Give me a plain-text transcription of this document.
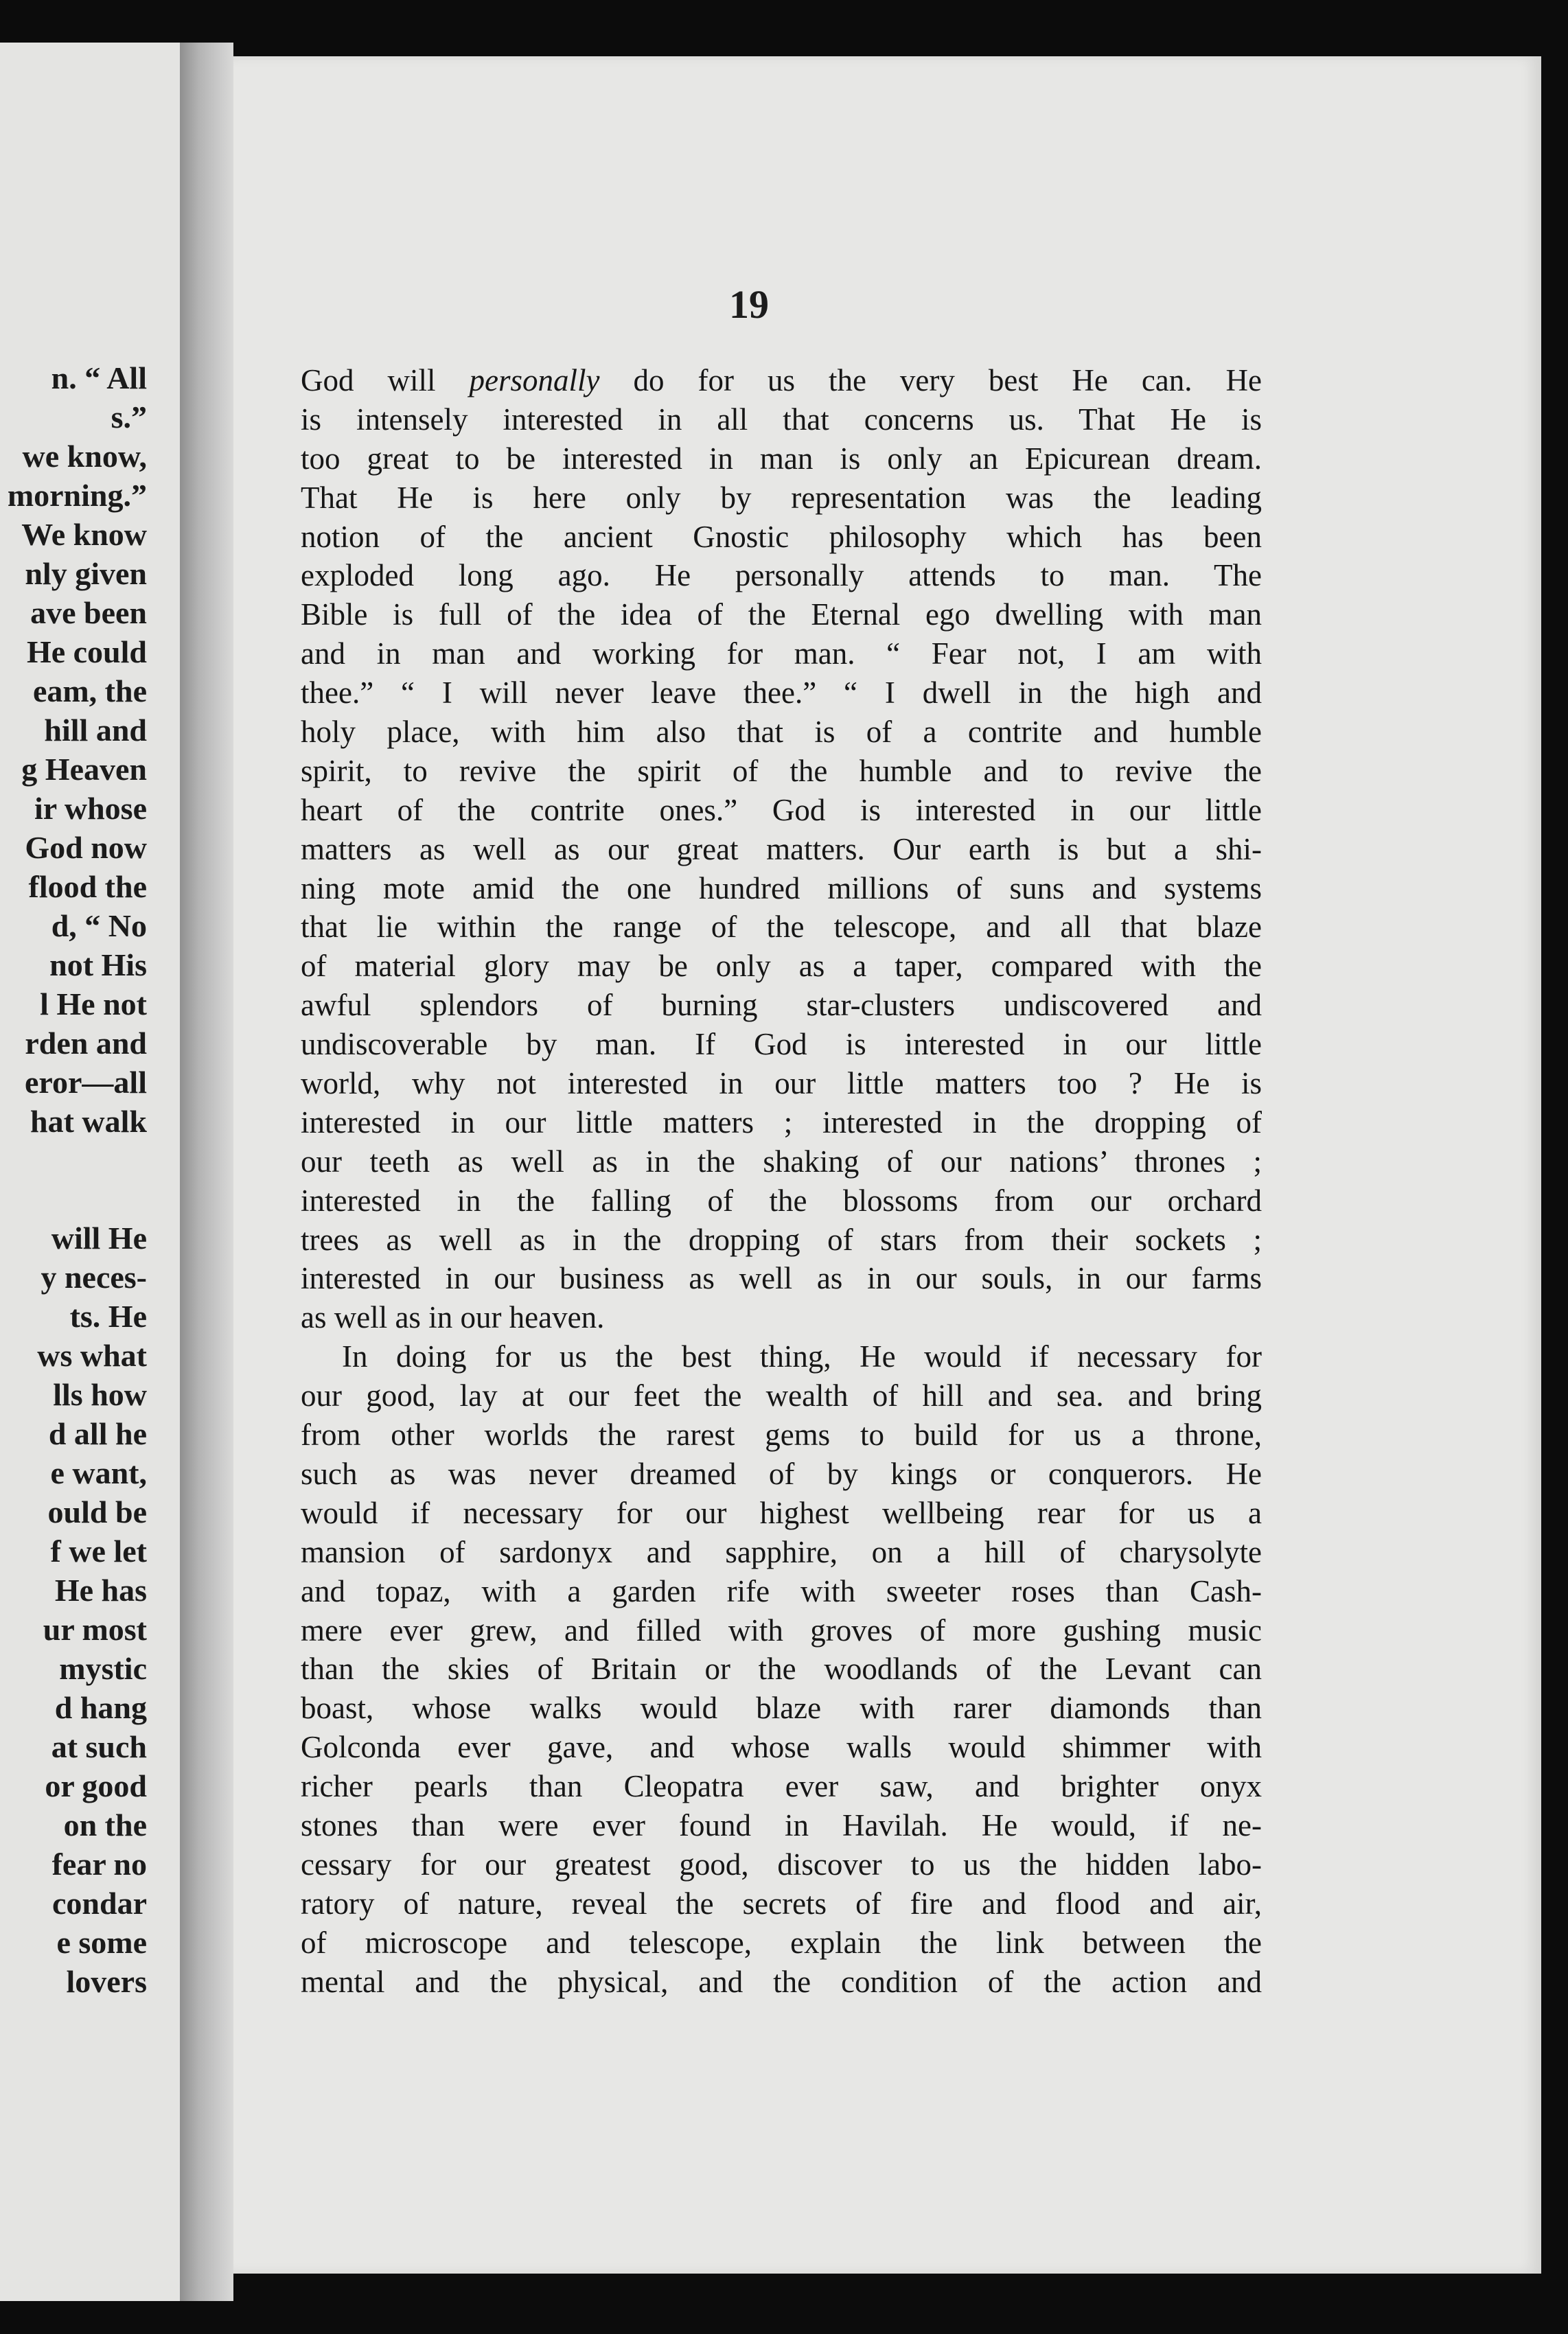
n. “ All
s.”
we know,
morning.”
We know
nly given
ave been
He could
eam, the
hill and
g Heaven
ir whose
God now
flood the
d, “ No
not His
l He not
rden and
eror—all
hat walk
will He
y neces-
ts. He
ws what
lls how
d all he
e want,
ould be
f we let
He has
ur most
mystic
d hang
at such
or good
on the
fear no
condar
e some
lovers
19
God will personally do for us the very best He can. He
is intensely interested in all that concerns us. That He is
too great to be interested in man is only an Epicurean dream.
That He is here only by representation was the leading
notion of the ancient Gnostic philosophy which has been
exploded long ago. He personally attends to man. The
Bible is full of the idea of the Eternal ego dwelling with man
and in man and working for man. “ Fear not, I am with
thee.” “ I will never leave thee.” “ I dwell in the high and
holy place, with him also that is of a contrite and humble
spirit, to revive the spirit of the humble and to revive the
heart of the contrite ones.” God is interested in our little
matters as well as our great matters. Our earth is but a shi-
ning mote amid the one hundred millions of suns and systems
that lie within the range of the telescope, and all that blaze
of material glory may be only as a taper, compared with the
awful splendors of burning star-clusters undiscovered and
undiscoverable by man. If God is interested in our little
world, why not interested in our little matters too ? He is
interested in our little matters ; interested in the dropping of
our teeth as well as in the shaking of our nations’ thrones ;
interested in the falling of the blossoms from our orchard
trees as well as in the dropping of stars from their sockets ;
interested in our business as well as in our souls, in our farms
as well as in our heaven.
In doing for us the best thing, He would if necessary for
our good, lay at our feet the wealth of hill and sea. and bring
from other worlds the rarest gems to build for us a throne,
such as was never dreamed of by kings or conquerors. He
would if necessary for our highest wellbeing rear for us a
mansion of sardonyx and sapphire, on a hill of charysolyte
and topaz, with a garden rife with sweeter roses than Cash-
mere ever grew, and filled with groves of more gushing music
than the skies of Britain or the woodlands of the Levant can
boast, whose walks would blaze with rarer diamonds than
Golconda ever gave, and whose walls would shimmer with
richer pearls than Cleopatra ever saw, and brighter onyx
stones than were ever found in Havilah. He would, if ne-
cessary for our greatest good, discover to us the hidden labo-
ratory of nature, reveal the secrets of fire and flood and air,
of microscope and telescope, explain the link between the
mental and the physical, and the condition of the action and
